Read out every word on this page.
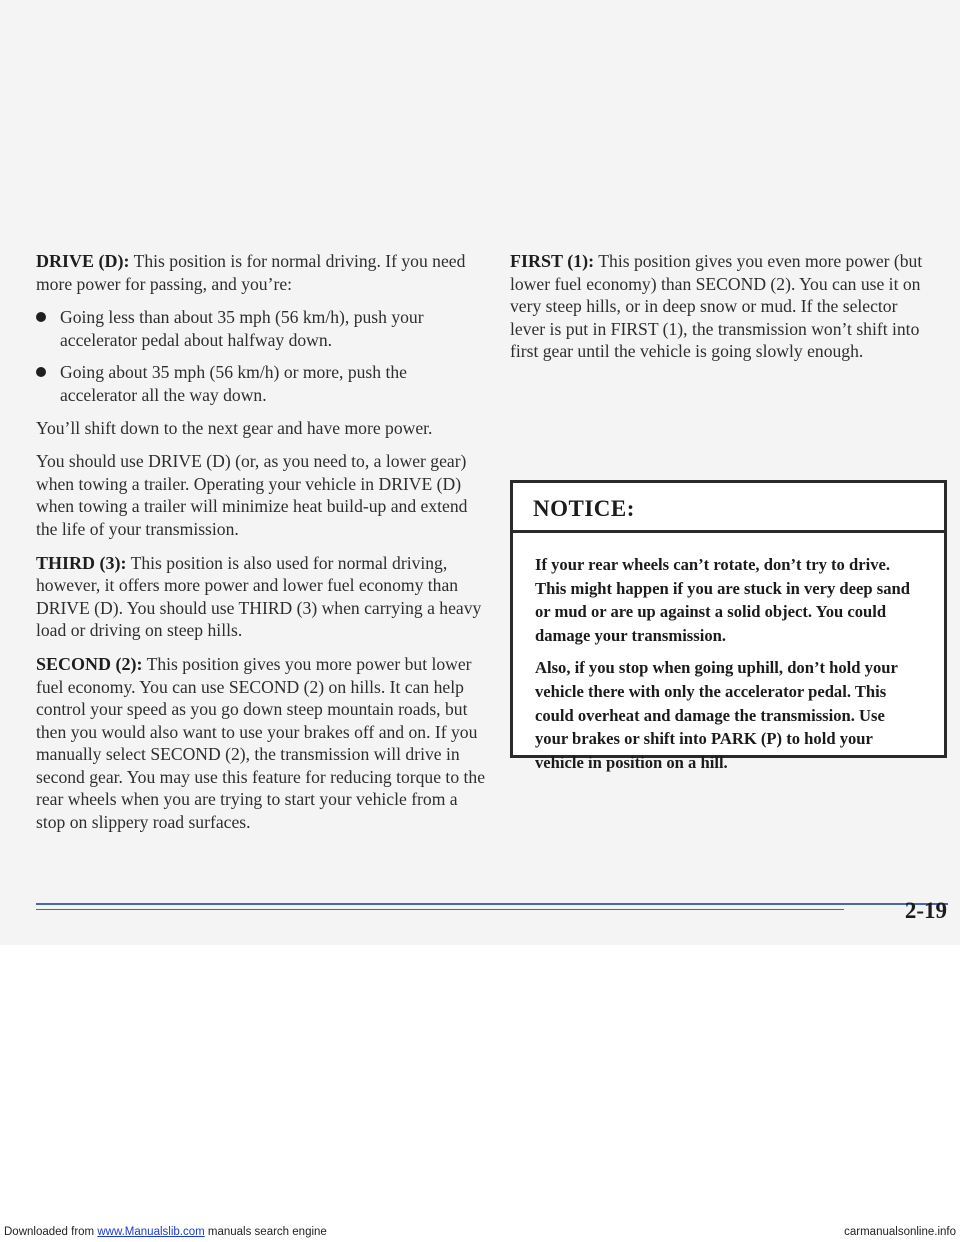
DRIVE (D): This position is for normal driving. If you need more power for passing, and you’re:

Going less than about 35 mph (56 km/h), push your accelerator pedal about halfway down.
Going about 35 mph (56 km/h) or more, push the accelerator all the way down.

You’ll shift down to the next gear and have more power.

You should use DRIVE (D) (or, as you need to, a lower gear) when towing a trailer. Operating your vehicle in DRIVE (D) when towing a trailer will minimize heat build-up and extend the life of your transmission.

THIRD (3): This position is also used for normal driving, however, it offers more power and lower fuel economy than DRIVE (D). You should use THIRD (3) when carrying a heavy load or driving on steep hills.

SECOND (2): This position gives you more power but lower fuel economy. You can use SECOND (2) on hills. It can help control your speed as you go down steep mountain roads, but then you would also want to use your brakes off and on. If you manually select SECOND (2), the transmission will drive in second gear. You may use this feature for reducing torque to the rear wheels when you are trying to start your vehicle from a stop on slippery road surfaces.

FIRST (1): This position gives you even more power (but lower fuel economy) than SECOND (2). You can use it on very steep hills, or in deep snow or mud. If the selector lever is put in FIRST (1), the transmission won’t shift into first gear until the vehicle is going slowly enough.

NOTICE:

If your rear wheels can’t rotate, don’t try to drive. This might happen if you are stuck in very deep sand or mud or are up against a solid object. You could damage your transmission.

Also, if you stop when going uphill, don’t hold your vehicle there with only the accelerator pedal. This could overheat and damage the transmission. Use your brakes or shift into PARK (P) to hold your vehicle in position on a hill.

2-19
Downloaded from www.Manualslib.com manuals search engine	carmanualsonline.info
